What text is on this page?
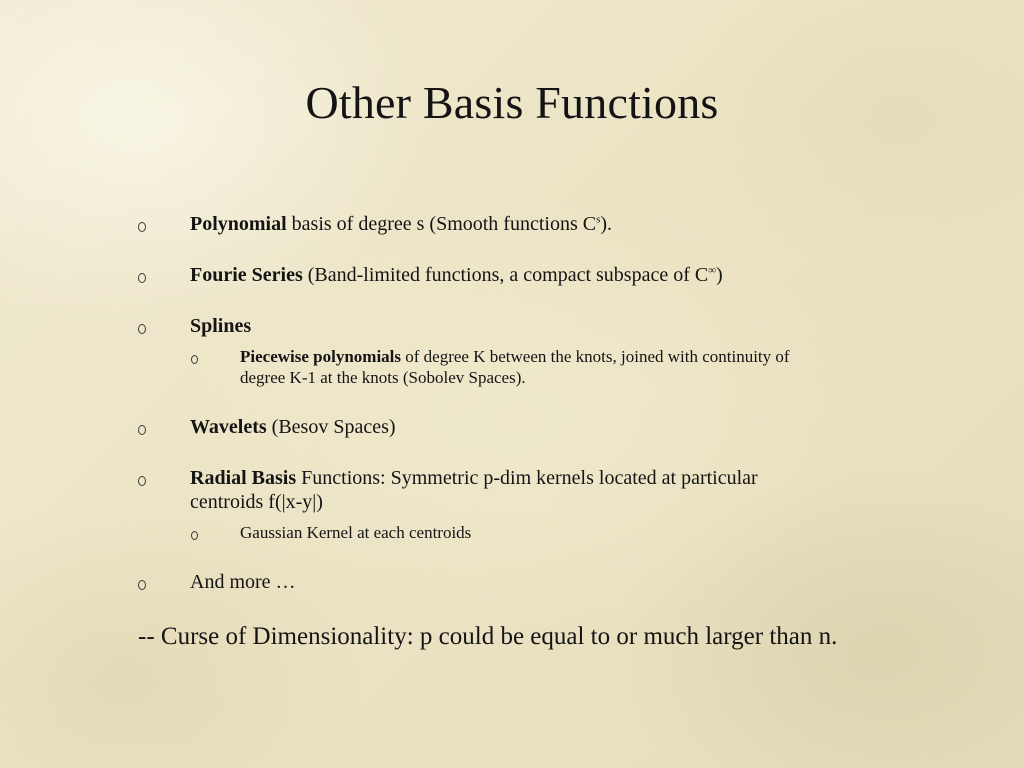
Other Basis Functions
Polynomial basis of degree s (Smooth functions $C^s$).
Fourie Series (Band-limited functions, a compact subspace of C∞)
Splines
Piecewise polynomials of degree K between the knots, joined with continuity of
degree K-1 at the knots (Sobolev Spaces).
Wavelets (Besov Spaces)
Radial Basis Functions: Symmetric p-dim kernels located at particular
centroids f(|x-y|)
Gaussian Kernel at each centroids
And more …
-- Curse of Dimensionality: p could be equal to or much larger than n.
